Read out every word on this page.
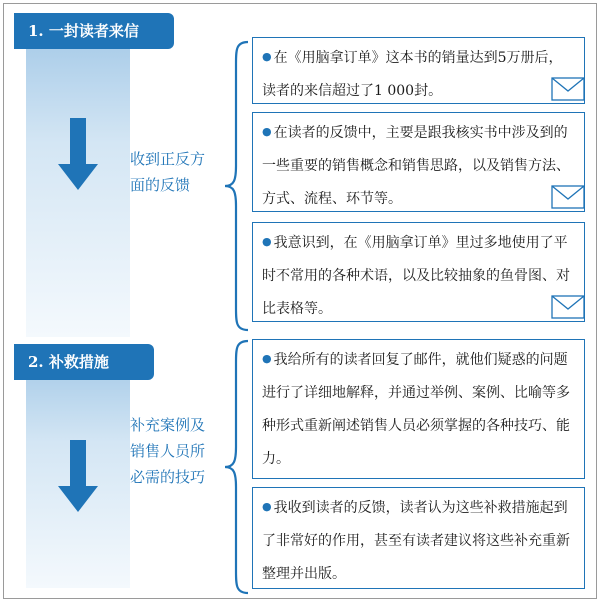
1. 一封读者来信
收到正反方
面的反馈
● 在《用脑拿订单》这本书的销量达到5万册后，读者的来信超过了1 000封。
● 在读者的反馈中，主要是跟我核实书中涉及到的一些重要的销售概念和销售思路，以及销售方法、方式、流程、环节等。
● 我意识到，在《用脑拿订单》里过多地使用了平时不常用的各种术语，以及比较抽象的鱼骨图、对比表格等。
2. 补救措施
补充案例及
销售人员所
必需的技巧
● 我给所有的读者回复了邮件，就他们疑惑的问题进行了详细地解释，并通过举例、案例、比喻等多种形式重新阐述销售人员必须掌握的各种技巧、能力。
● 我收到读者的反馈，读者认为这些补救措施起到了非常好的作用，甚至有读者建议将这些补充重新整理并出版。
